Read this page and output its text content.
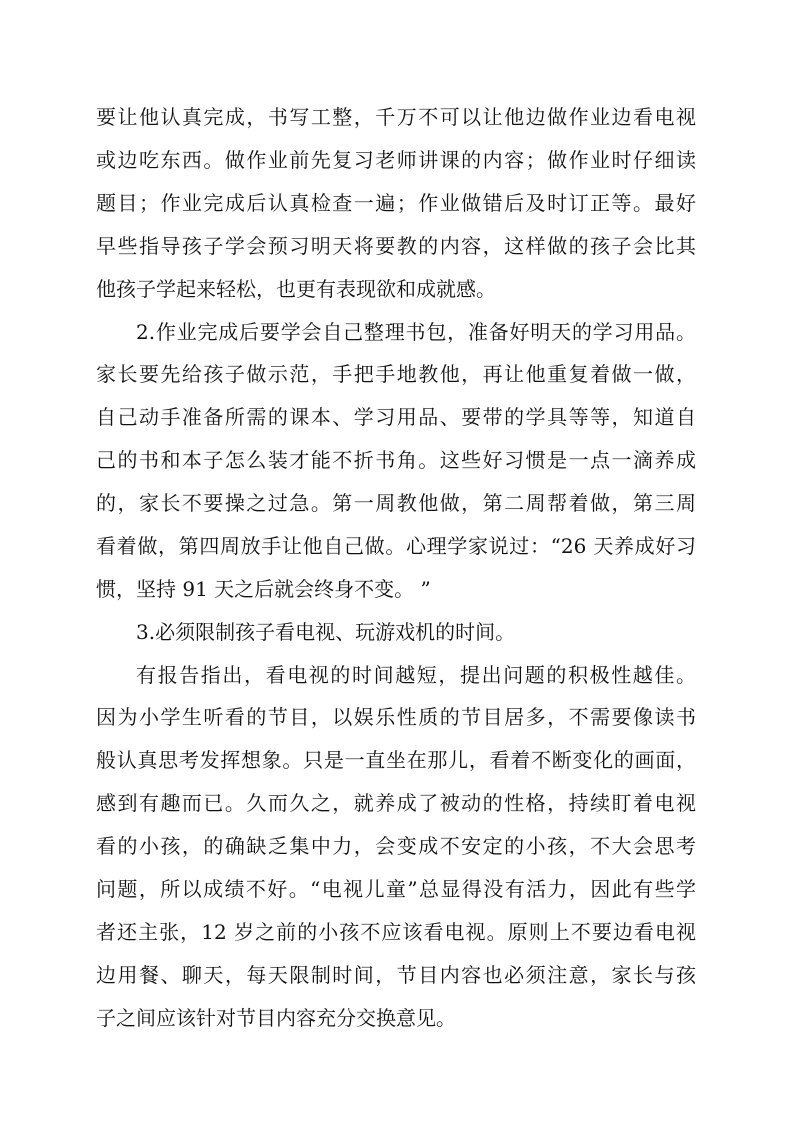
要让他认真完成，书写工整，千万不可以让他边做作业边看电视
或边吃东西。做作业前先复习老师讲课的内容；做作业时仔细读
题目；作业完成后认真检查一遍；作业做错后及时订正等。最好
早些指导孩子学会预习明天将要教的内容，这样做的孩子会比其
他孩子学起来轻松，也更有表现欲和成就感。
2.作业完成后要学会自己整理书包，准备好明天的学习用品。
家长要先给孩子做示范，手把手地教他，再让他重复着做一做，
自己动手准备所需的课本、学习用品、要带的学具等等，知道自
己的书和本子怎么装才能不折书角。这些好习惯是一点一滴养成
的，家长不要操之过急。第一周教他做，第二周帮着做，第三周
看着做，第四周放手让他自己做。心理学家说过：“26 天养成好习
惯，坚持 91 天之后就会终身不变。 ”
3.必须限制孩子看电视、玩游戏机的时间。
有报告指出，看电视的时间越短，提出问题的积极性越佳。
因为小学生听看的节目，以娱乐性质的节目居多，不需要像读书
般认真思考发挥想象。只是一直坐在那儿，看着不断变化的画面，
感到有趣而已。久而久之，就养成了被动的性格，持续盯着电视
看的小孩，的确缺乏集中力，会变成不安定的小孩，不大会思考
问题，所以成绩不好。“电视儿童”总显得没有活力，因此有些学
者还主张，12 岁之前的小孩不应该看电视。原则上不要边看电视
边用餐、聊天，每天限制时间，节目内容也必须注意，家长与孩
子之间应该针对节目内容充分交换意见。
